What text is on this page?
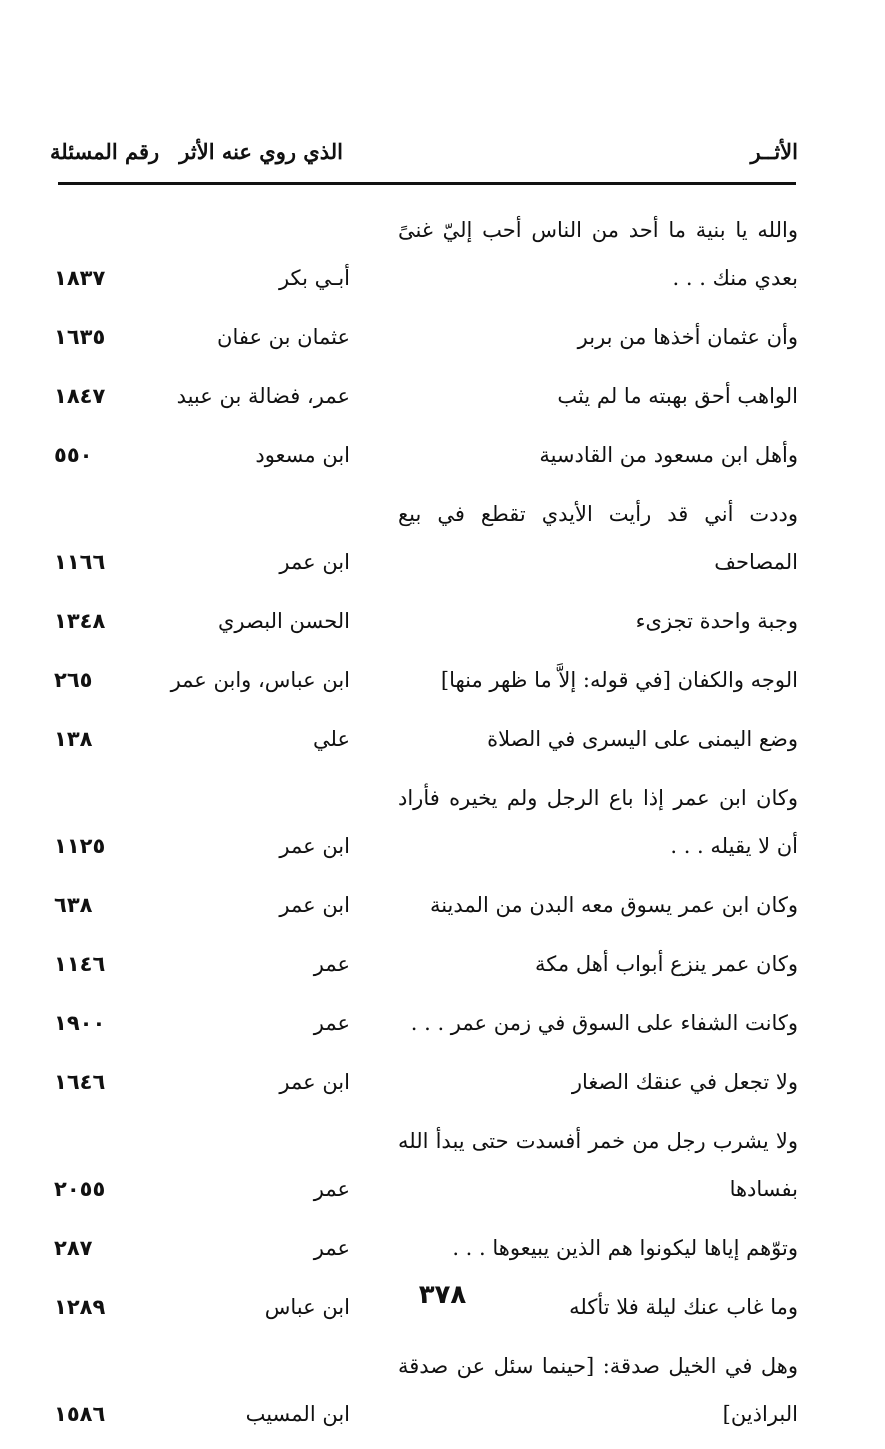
الأثــر
الذي روي عنه الأثر
رقم المسئلة
والله يا بنية ما أحد من الناس أحب إليّ غنىً بعدي منك . . .
أبـي بكر
١٨٣٧
وأن عثمان أخذها من بربر
عثمان بن عفان
١٦٣٥
الواهب أحق بهبته ما لم يثب
عمر، فضالة بن عبيد
١٨٤٧
وأهل ابن مسعود من القادسية
ابن مسعود
٥٥٠
وددت أني قد رأيت الأيدي تقطع في بيع المصاحف
ابن عمر
١١٦٦
وجبة واحدة تجزىء
الحسن البصري
١٣٤٨
الوجه والكفان [في قوله: إلاَّ ما ظهر منها]
ابن عباس، وابن عمر
٢٦٥
وضع اليمنى على اليسرى في الصلاة
علي
١٣٨
وكان ابن عمر إذا باع الرجل ولم يخيره فأراد أن لا يقيله . . .
ابن عمر
١١٢٥
وكان ابن عمر يسوق معه البدن من المدينة
ابن عمر
٦٣٨
وكان عمر ينزع أبواب أهل مكة
عمر
١١٤٦
وكانت الشفاء على السوق في زمن عمر . . .
عمر
١٩٠٠
ولا تجعل في عنقك الصغار
ابن عمر
١٦٤٦
ولا يشرب رجل من خمر أفسدت حتى يبدأ الله بفسادها
عمر
٢٠٥٥
وتوّهم إياها ليكونوا هم الذين يبيعوها . . .
عمر
٢٨٧
وما غاب عنك ليلة فلا تأكله
ابن عباس
١٢٨٩
وهل في الخيل صدقة: [حينما سئل عن صدقة البراذين]
ابن المسيب
١٥٨٦
٣٧٨
